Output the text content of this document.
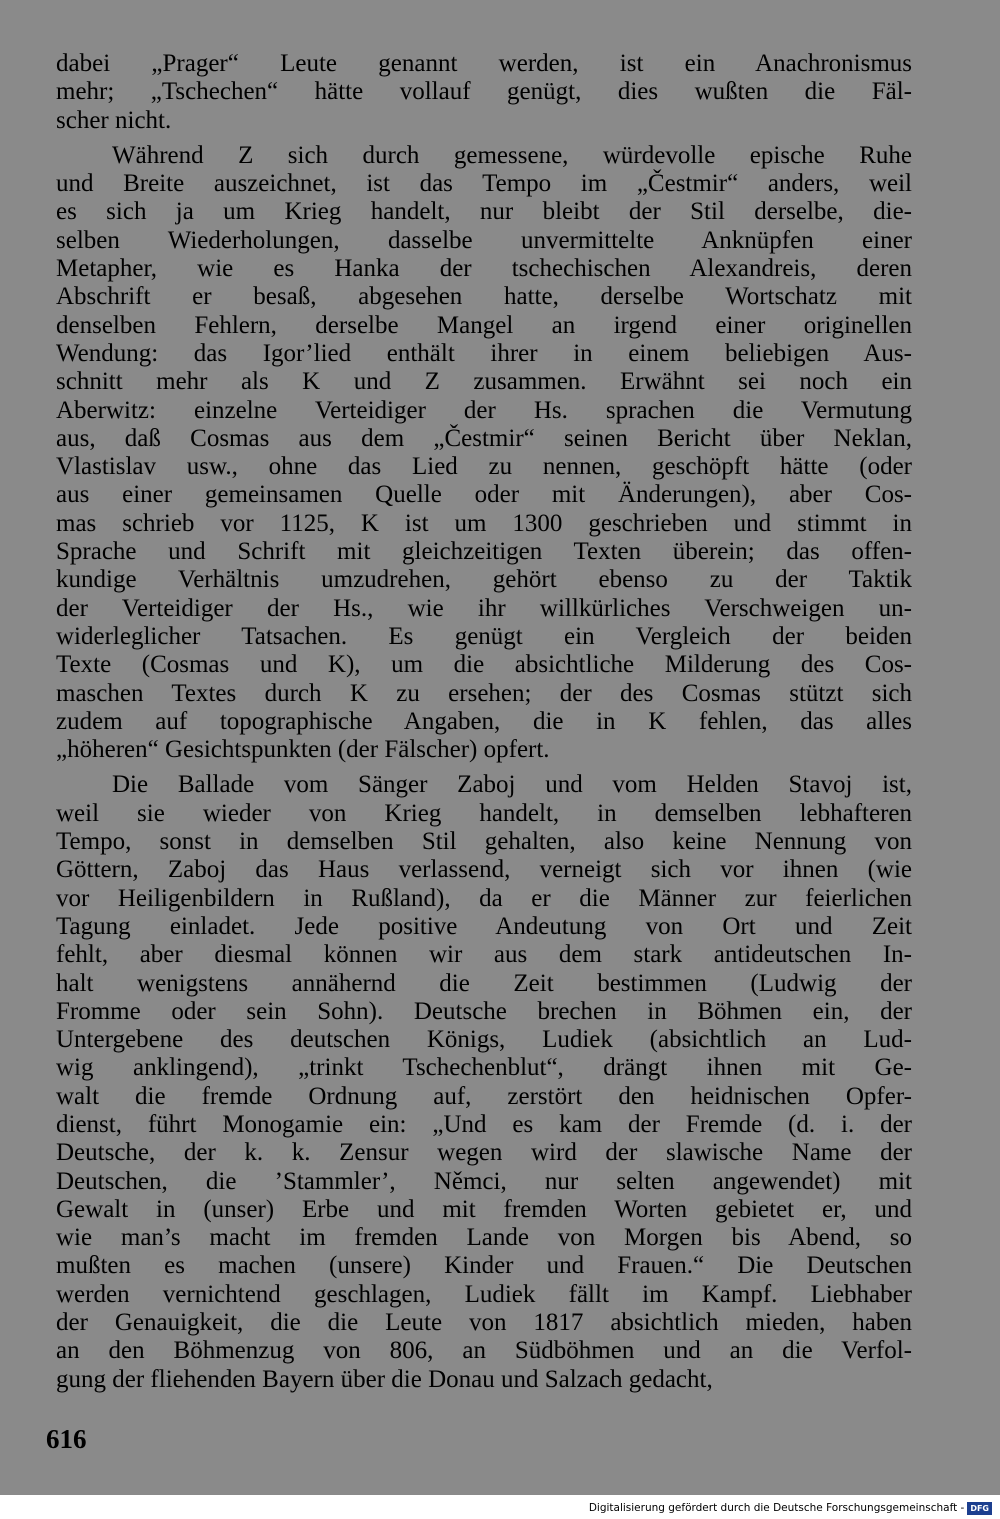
dabei „Prager“ Leute genannt werden, ist ein Anachronismus
mehr; „Tschechen“ hätte vollauf genügt, dies wußten die Fäl-
scher nicht.
Während Z sich durch gemessene, würdevolle epische Ruhe
und Breite auszeichnet, ist das Tempo im „Čestmir“ anders, weil
es sich ja um Krieg handelt, nur bleibt der Stil derselbe, die-
selben Wiederholungen, dasselbe unvermittelte Anknüpfen einer
Metapher, wie es Hanka der tschechischen Alexandreis, deren
Abschrift er besaß, abgesehen hatte, derselbe Wortschatz mit
denselben Fehlern, derselbe Mangel an irgend einer originellen
Wendung: das Igor’lied enthält ihrer in einem beliebigen Aus-
schnitt mehr als K und Z zusammen. Erwähnt sei noch ein
Aberwitz: einzelne Verteidiger der Hs. sprachen die Vermutung
aus, daß Cosmas aus dem „Čestmir“ seinen Bericht über Neklan,
Vlastislav usw., ohne das Lied zu nennen, geschöpft hätte (oder
aus einer gemeinsamen Quelle oder mit Änderungen), aber Cos-
mas schrieb vor 1125, K ist um 1300 geschrieben und stimmt in
Sprache und Schrift mit gleichzeitigen Texten überein; das offen-
kundige Verhältnis umzudrehen, gehört ebenso zu der Taktik
der Verteidiger der Hs., wie ihr willkürliches Verschweigen un-
widerleglicher Tatsachen. Es genügt ein Vergleich der beiden
Texte (Cosmas und K), um die absichtliche Milderung des Cos-
maschen Textes durch K zu ersehen; der des Cosmas stützt sich
zudem auf topographische Angaben, die in K fehlen, das alles
„höheren“ Gesichtspunkten (der Fälscher) opfert.
Die Ballade vom Sänger Zaboj und vom Helden Stavoj ist,
weil sie wieder von Krieg handelt, in demselben lebhafteren
Tempo, sonst in demselben Stil gehalten, also keine Nennung von
Göttern, Zaboj das Haus verlassend, verneigt sich vor ihnen (wie
vor Heiligenbildern in Rußland), da er die Männer zur feierlichen
Tagung einladet. Jede positive Andeutung von Ort und Zeit
fehlt, aber diesmal können wir aus dem stark antideutschen In-
halt wenigstens annähernd die Zeit bestimmen (Ludwig der
Fromme oder sein Sohn). Deutsche brechen in Böhmen ein, der
Untergebene des deutschen Königs, Ludiek (absichtlich an Lud-
wig anklingend), „trinkt Tschechenblut“, drängt ihnen mit Ge-
walt die fremde Ordnung auf, zerstört den heidnischen Opfer-
dienst, führt Monogamie ein: „Und es kam der Fremde (d. i. der
Deutsche, der k. k. Zensur wegen wird der slawische Name der
Deutschen, die ’Stammler’, Němci, nur selten angewendet) mit
Gewalt in (unser) Erbe und mit fremden Worten gebietet er, und
wie man’s macht im fremden Lande von Morgen bis Abend, so
mußten es machen (unsere) Kinder und Frauen.“ Die Deutschen
werden vernichtend geschlagen, Ludiek fällt im Kampf. Liebhaber
der Genauigkeit, die die Leute von 1817 absichtlich mieden, haben
an den Böhmenzug von 806, an Südböhmen und an die Verfol-
gung der fliehenden Bayern über die Donau und Salzach gedacht,
616
Digitalisierung gefördert durch die Deutsche Forschungsgemeinschaft - DFG
